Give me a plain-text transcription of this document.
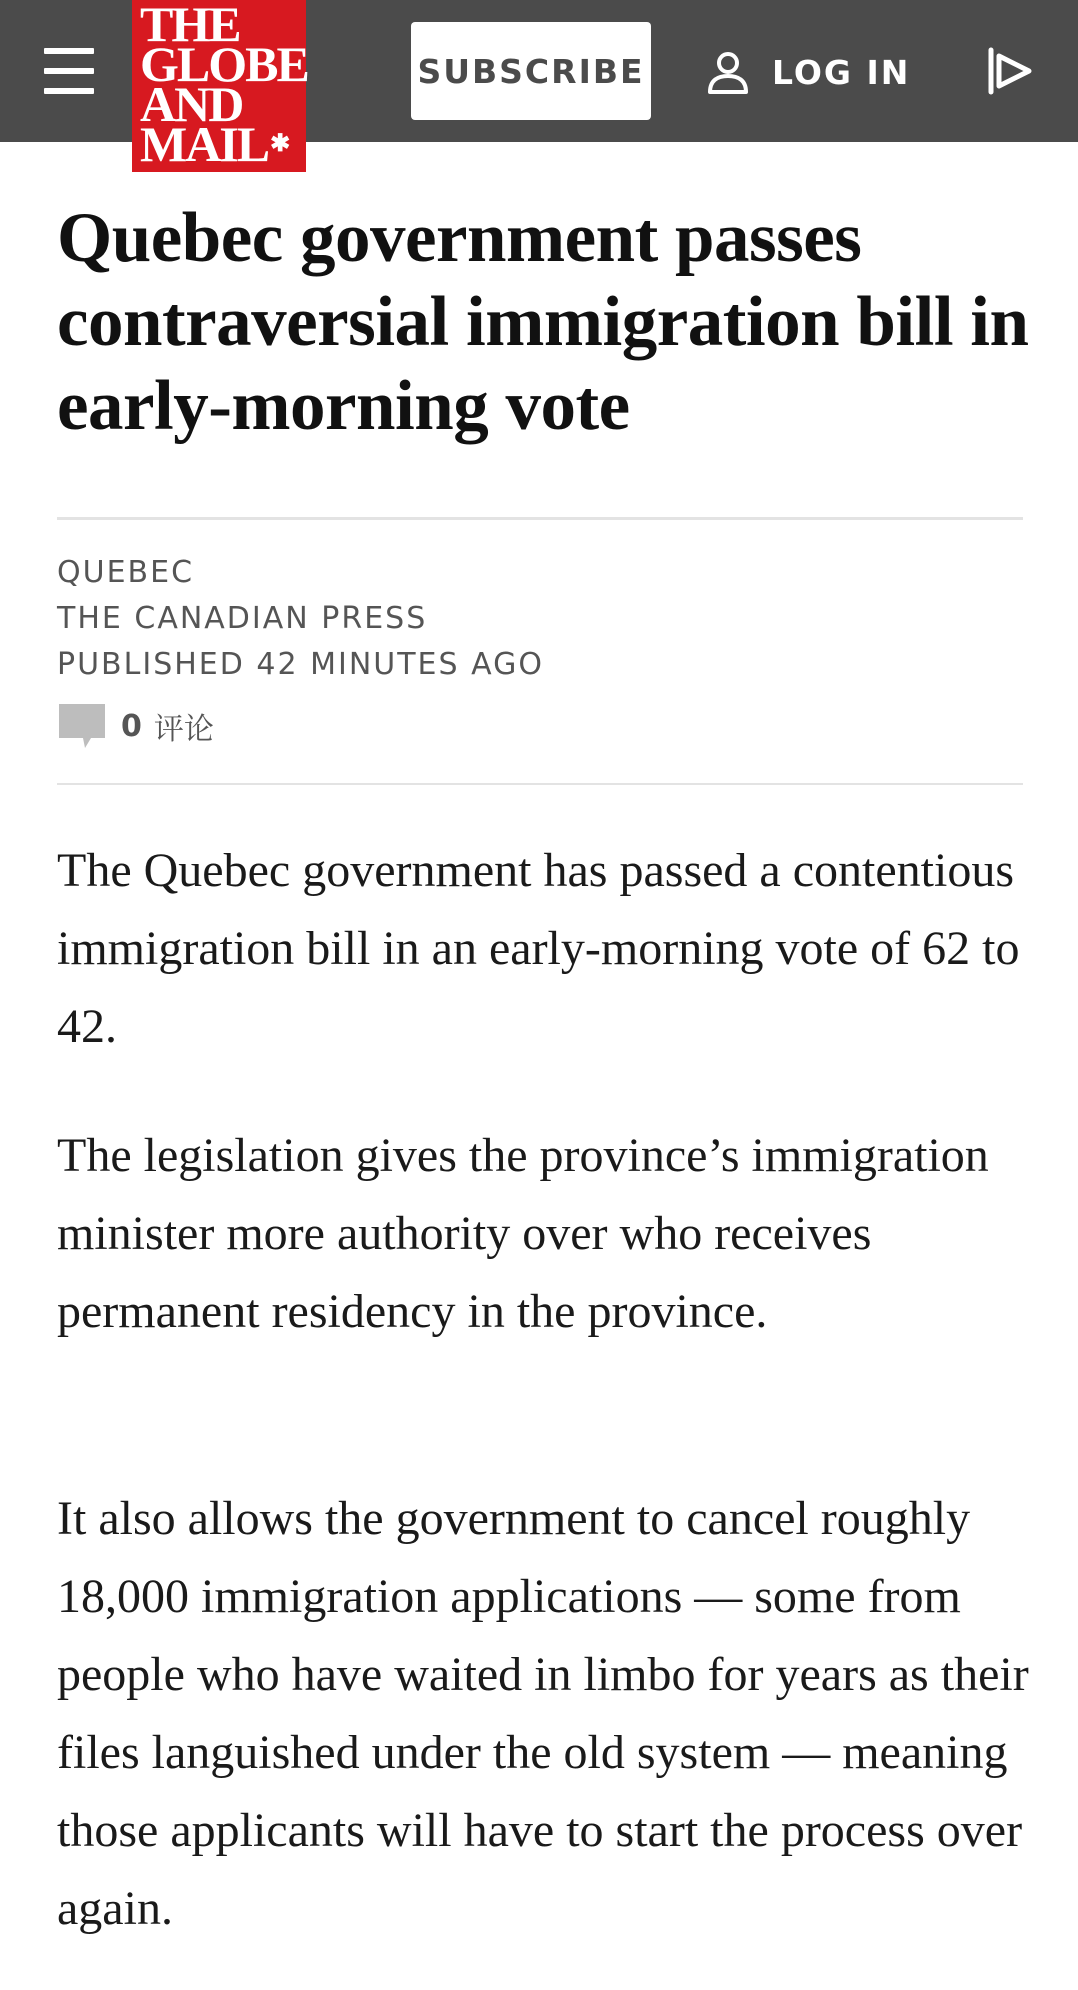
THE
GLOBE
AND
MAIL✱
SUBSCRIBE	LOG IN
Quebec government passes contraversial immigration bill in early-morning vote
QUEBEC
THE CANADIAN PRESS
PUBLISHED 42 MINUTES AGO
0 评论

The Quebec government has passed a contentious immigration bill in an early-morning vote of 62 to 42.

The legislation gives the province’s immigration minister more authority over who receives permanent residency in the province.

It also allows the government to cancel roughly 18,000 immigration applications — some from people who have waited in limbo for years as their files languished under the old system — meaning those applicants will have to start the process over again.
